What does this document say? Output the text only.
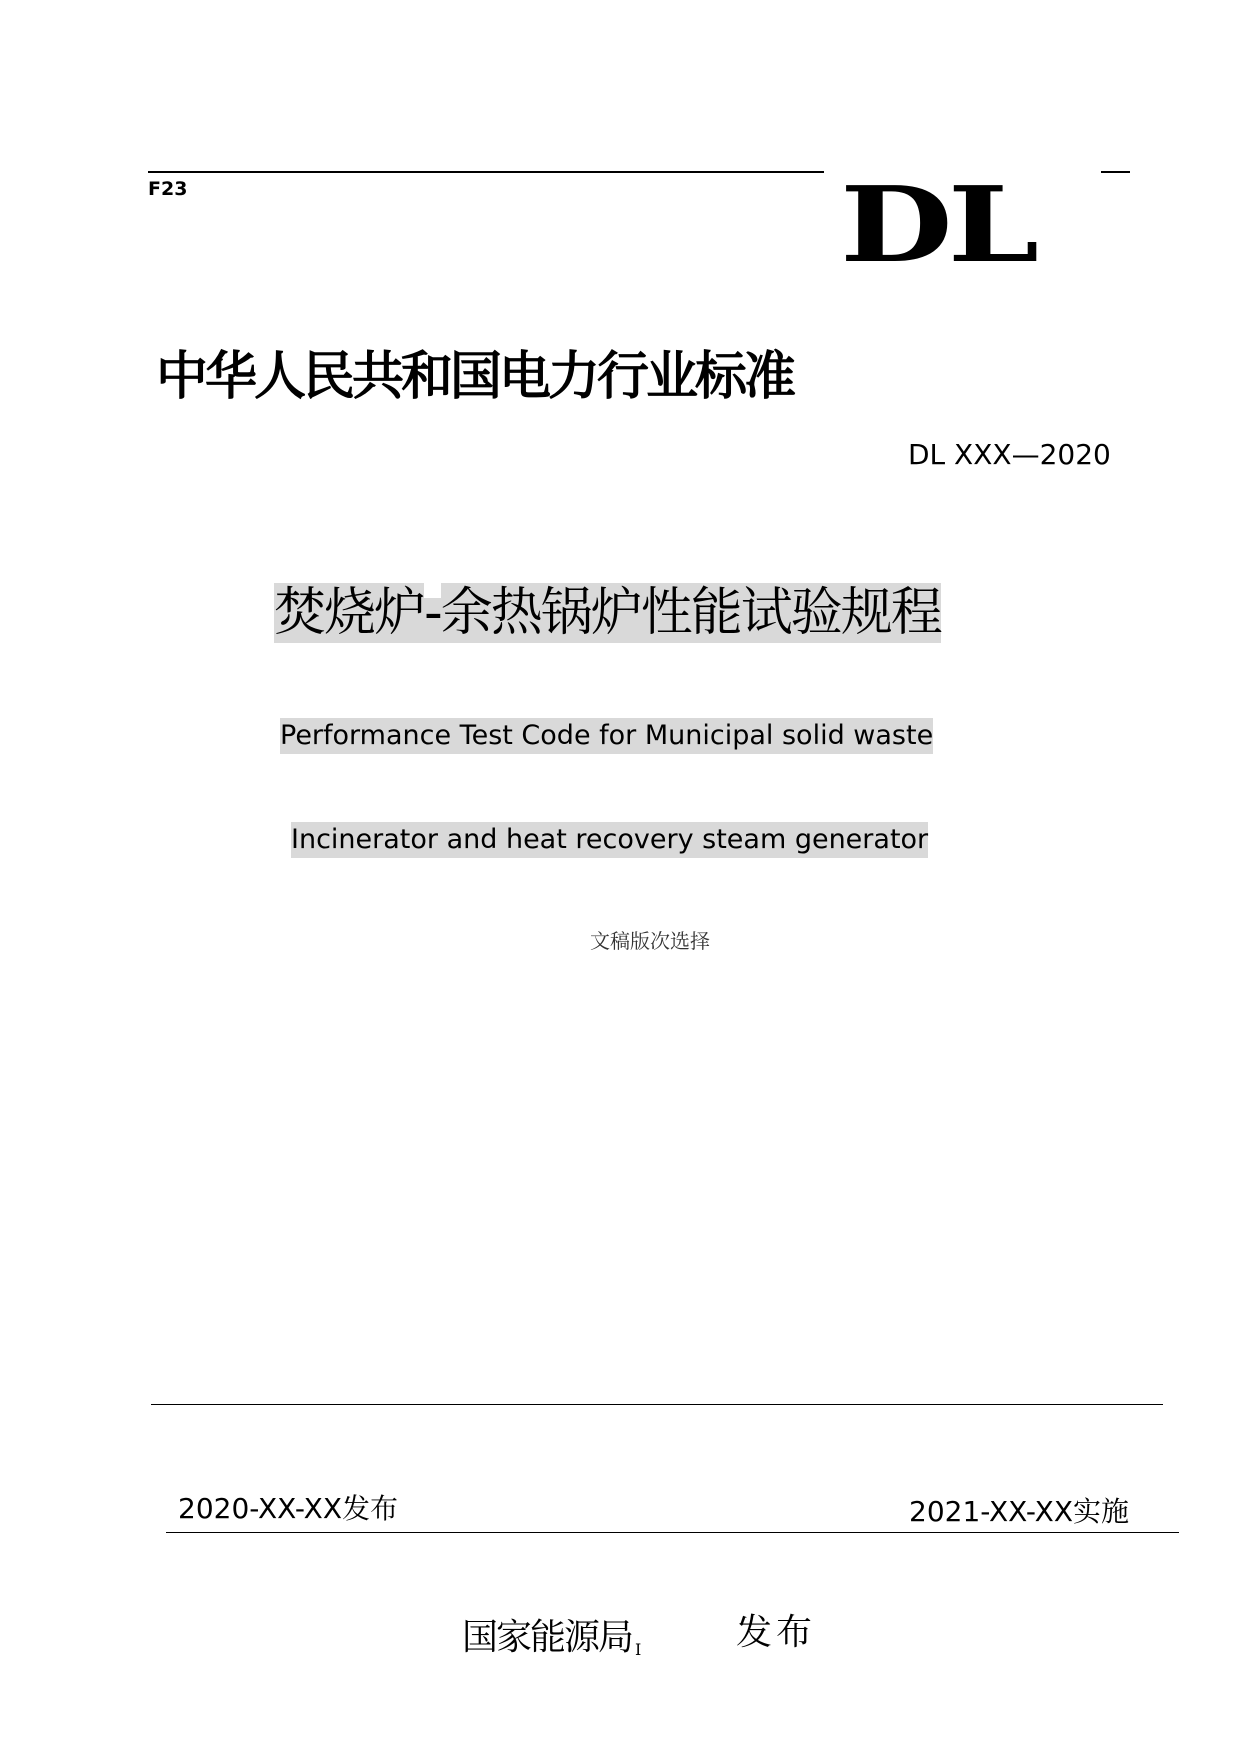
F23	DL
中华人民共和国电力行业标准
DL XXX—2020
焚烧炉-余热锅炉性能试验规程
Performance Test Code for Municipal solid waste
Incinerator and heat recovery steam generator
文稿版次选择
2020-XX-XX发布	2021-XX-XX实施
国家能源局	发布
I
